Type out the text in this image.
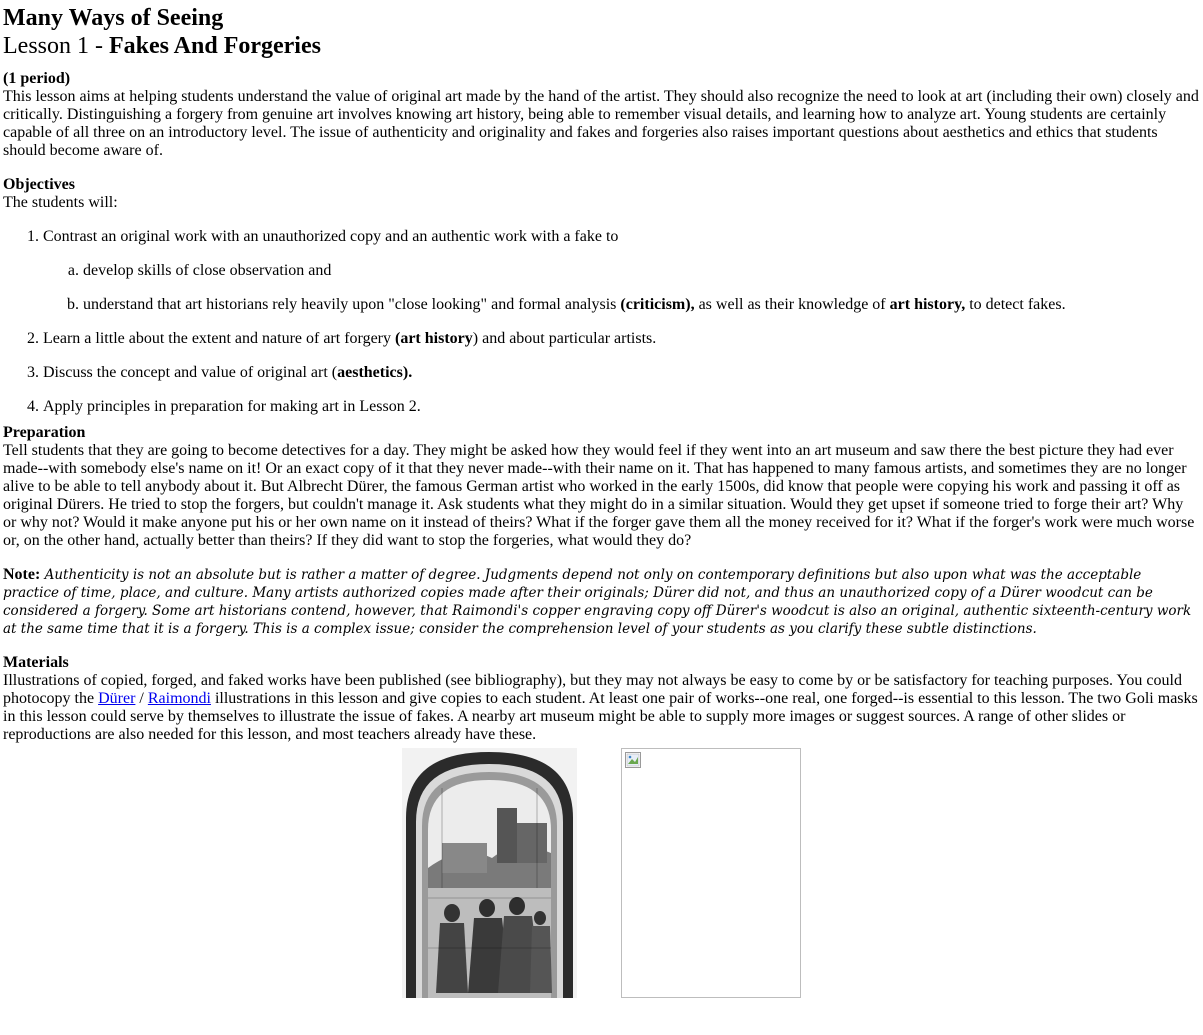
Many Ways of Seeing
Lesson 1 - Fakes And Forgeries

(1 period)
This lesson aims at helping students understand the value of original art made by the hand of the artist. They should also recognize the need to look at art (including their own) closely and critically. Distinguishing a forgery from genuine art involves knowing art history, being able to remember visual details, and learning how to analyze art. Young students are certainly capable of all three on an introductory level. The issue of authenticity and originality and fakes and forgeries also raises important questions about aesthetics and ethics that students should become aware of.

Objectives
The students will:
1. Contrast an original work with an unauthorized copy and an authentic work with a fake to
a. develop skills of close observation and
b. understand that art historians rely heavily upon "close looking" and formal analysis (criticism), as well as their knowledge of art history, to detect fakes.
2. Learn a little about the extent and nature of art forgery (art history) and about particular artists.
3. Discuss the concept and value of original art (aesthetics).
4. Apply principles in preparation for making art in Lesson 2.

Preparation
Tell students that they are going to become detectives for a day. They might be asked how they would feel if they went into an art museum and saw there the best picture they had ever made--with somebody else's name on it! Or an exact copy of it that they never made--with their name on it. That has happened to many famous artists, and sometimes they are no longer alive to be able to tell anybody about it. But Albrecht Dürer, the famous German artist who worked in the early 1500s, did know that people were copying his work and passing it off as original Dürers. He tried to stop the forgers, but couldn't manage it. Ask students what they might do in a similar situation. Would they get upset if someone tried to forge their art? Why or why not? Would it make anyone put his or her own name on it instead of theirs? What if the forger gave them all the money received for it? What if the forger's work were much worse or, on the other hand, actually better than theirs? If they did want to stop the forgeries, what would they do?

Note: Authenticity is not an absolute but is rather a matter of degree. Judgments depend not only on contemporary definitions but also upon what was the acceptable practice of time, place, and culture. Many artists authorized copies made after their originals; Dürer did not, and thus an unauthorized copy of a Dürer woodcut can be considered a forgery. Some art historians contend, however, that Raimondi's copper engraving copy off Dürer's woodcut is also an original, authentic sixteenth-century work at the same time that it is a forgery. This is a complex issue; consider the comprehension level of your students as you clarify these subtle distinctions.

Materials
Illustrations of copied, forged, and faked works have been published (see bibliography), but they may not always be easy to come by or be satisfactory for teaching purposes. You could photocopy the Dürer / Raimondi illustrations in this lesson and give copies to each student. At least one pair of works--one real, one forged--is essential to this lesson. The two Goli masks in this lesson could serve by themselves to illustrate the issue of fakes. A nearby art museum might be able to supply more images or suggest sources. A range of other slides or reproductions are also needed for this lesson, and most teachers already have these.
